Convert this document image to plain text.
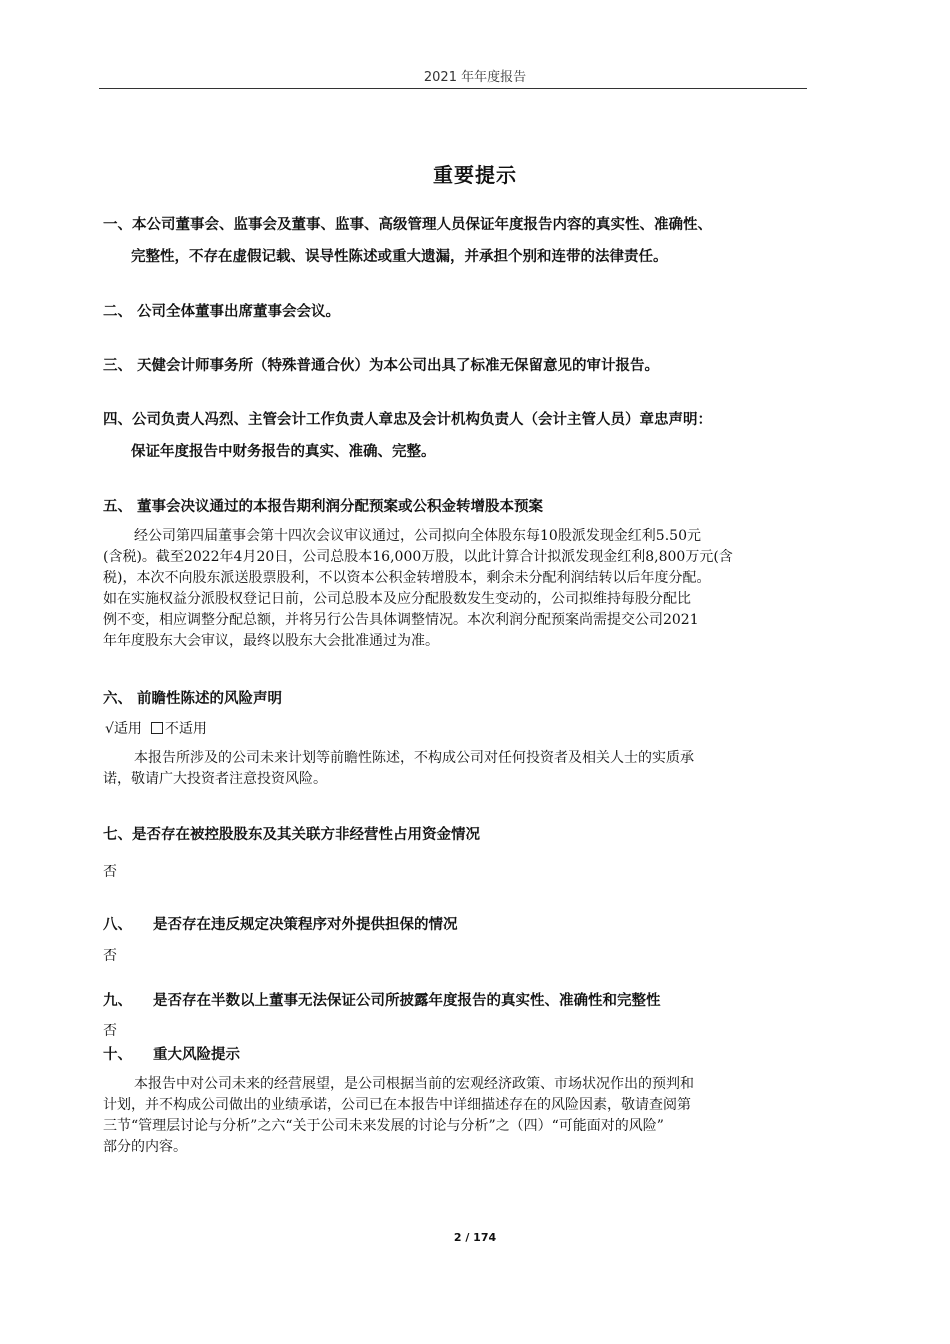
2021 年年度报告
重要提示
一、本公司董事会、监事会及董事、监事、高级管理人员保证年度报告内容的真实性、准确性、
完整性，不存在虚假记载、误导性陈述或重大遗漏，并承担个别和连带的法律责任。
二、 公司全体董事出席董事会会议。
三、 天健会计师事务所（特殊普通合伙）为本公司出具了标准无保留意见的审计报告。
四、公司负责人冯烈、主管会计工作负责人章忠及会计机构负责人（会计主管人员）章忠声明：
保证年度报告中财务报告的真实、准确、完整。
五、 董事会决议通过的本报告期利润分配预案或公积金转增股本预案
经公司第四届董事会第十四次会议审议通过，公司拟向全体股东每10股派发现金红利5.50元
(含税)。截至2022年4月20日，公司总股本16,000万股，以此计算合计拟派发现金红利8,800万元(含
税)，本次不向股东派送股票股利，不以资本公积金转增股本，剩余未分配利润结转以后年度分配。
如在实施权益分派股权登记日前，公司总股本及应分配股数发生变动的，公司拟维持每股分配比
例不变，相应调整分配总额，并将另行公告具体调整情况。本次利润分配预案尚需提交公司2021
年年度股东大会审议，最终以股东大会批准通过为准。
六、 前瞻性陈述的风险声明
√适用 不适用
本报告所涉及的公司未来计划等前瞻性陈述，不构成公司对任何投资者及相关人士的实质承
诺，敬请广大投资者注意投资风险。
七、是否存在被控股股东及其关联方非经营性占用资金情况
否
八、 是否存在违反规定决策程序对外提供担保的情况
否
九、 是否存在半数以上董事无法保证公司所披露年度报告的真实性、准确性和完整性
否
十、 重大风险提示
本报告中对公司未来的经营展望，是公司根据当前的宏观经济政策、市场状况作出的预判和
计划，并不构成公司做出的业绩承诺，公司已在本报告中详细描述存在的风险因素，敬请查阅第
三节“管理层讨论与分析”之六“关于公司未来发展的讨论与分析”之（四）“可能面对的风险”
部分的内容。
2 / 174
